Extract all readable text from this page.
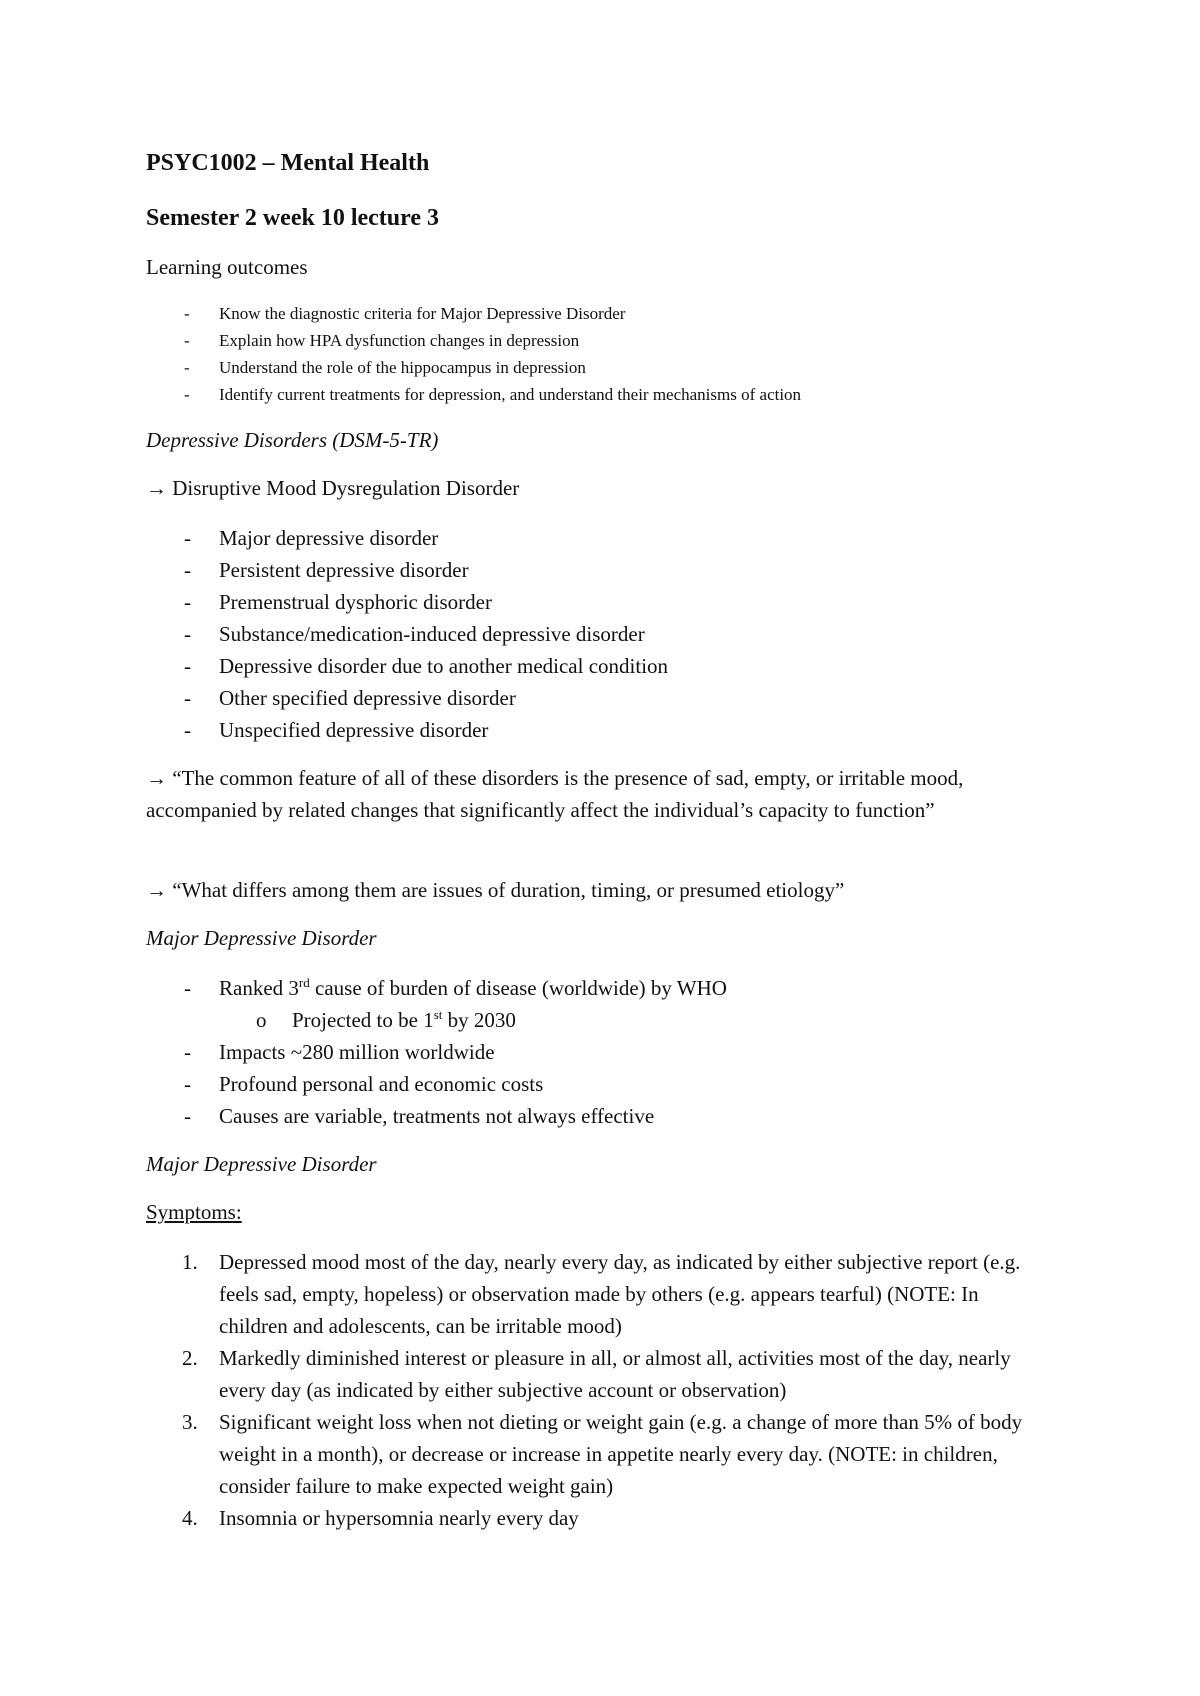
PSYC1002 – Mental Health
Semester 2 week 10 lecture 3
Learning outcomes
- Know the diagnostic criteria for Major Depressive Disorder
- Explain how HPA dysfunction changes in depression
- Understand the role of the hippocampus in depression
- Identify current treatments for depression, and understand their mechanisms of action
Depressive Disorders (DSM-5-TR)
→ Disruptive Mood Dysregulation Disorder
- Major depressive disorder
- Persistent depressive disorder
- Premenstrual dysphoric disorder
- Substance/medication-induced depressive disorder
- Depressive disorder due to another medical condition
- Other specified depressive disorder
- Unspecified depressive disorder
→ “The common feature of all of these disorders is the presence of sad, empty, or irritable mood, accompanied by related changes that significantly affect the individual’s capacity to function”
→ “What differs among them are issues of duration, timing, or presumed etiology”
Major Depressive Disorder
- Ranked 3rd cause of burden of disease (worldwide) by WHO
o Projected to be 1st by 2030
- Impacts ~280 million worldwide
- Profound personal and economic costs
- Causes are variable, treatments not always effective
Major Depressive Disorder
Symptoms:
1. Depressed mood most of the day, nearly every day, as indicated by either subjective report (e.g. feels sad, empty, hopeless) or observation made by others (e.g. appears tearful) (NOTE: In children and adolescents, can be irritable mood)
2. Markedly diminished interest or pleasure in all, or almost all, activities most of the day, nearly every day (as indicated by either subjective account or observation)
3. Significant weight loss when not dieting or weight gain (e.g. a change of more than 5% of body weight in a month), or decrease or increase in appetite nearly every day. (NOTE: in children, consider failure to make expected weight gain)
4. Insomnia or hypersomnia nearly every day
